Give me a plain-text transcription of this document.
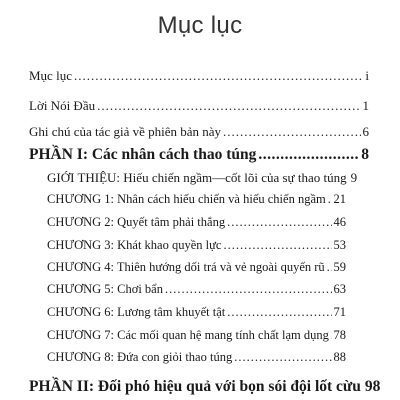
Mục lục
Mục lục .....	i
Lời Nói Đầu .....	1
Ghi chú của tác giả về phiên bản này .....	6
PHẦN I: Các nhân cách thao túng .....	8
GIỚI THIỆU: Hiếu chiến ngầm—cốt lõi của sự thao túng 9
CHƯƠNG 1: Nhân cách hiếu chiến và hiếu chiến ngầm ..... 21
CHƯƠNG 2: Quyết tâm phải thắng .....	46
CHƯƠNG 3: Khát khao quyền lực .....	53
CHƯƠNG 4: Thiên hướng dối trá và vẻ ngoài quyến rũ ..... 59
CHƯƠNG 5: Chơi bẩn .....	63
CHƯƠNG 6: Lương tâm khuyết tật .....	71
CHƯƠNG 7: Các mối quan hệ mang tính chất lạm dụng ..... 78
CHƯƠNG 8: Đứa con giỏi thao túng .....	88
PHẦN II: Đối phó hiệu quả với bọn sói đội lốt cừu 98
